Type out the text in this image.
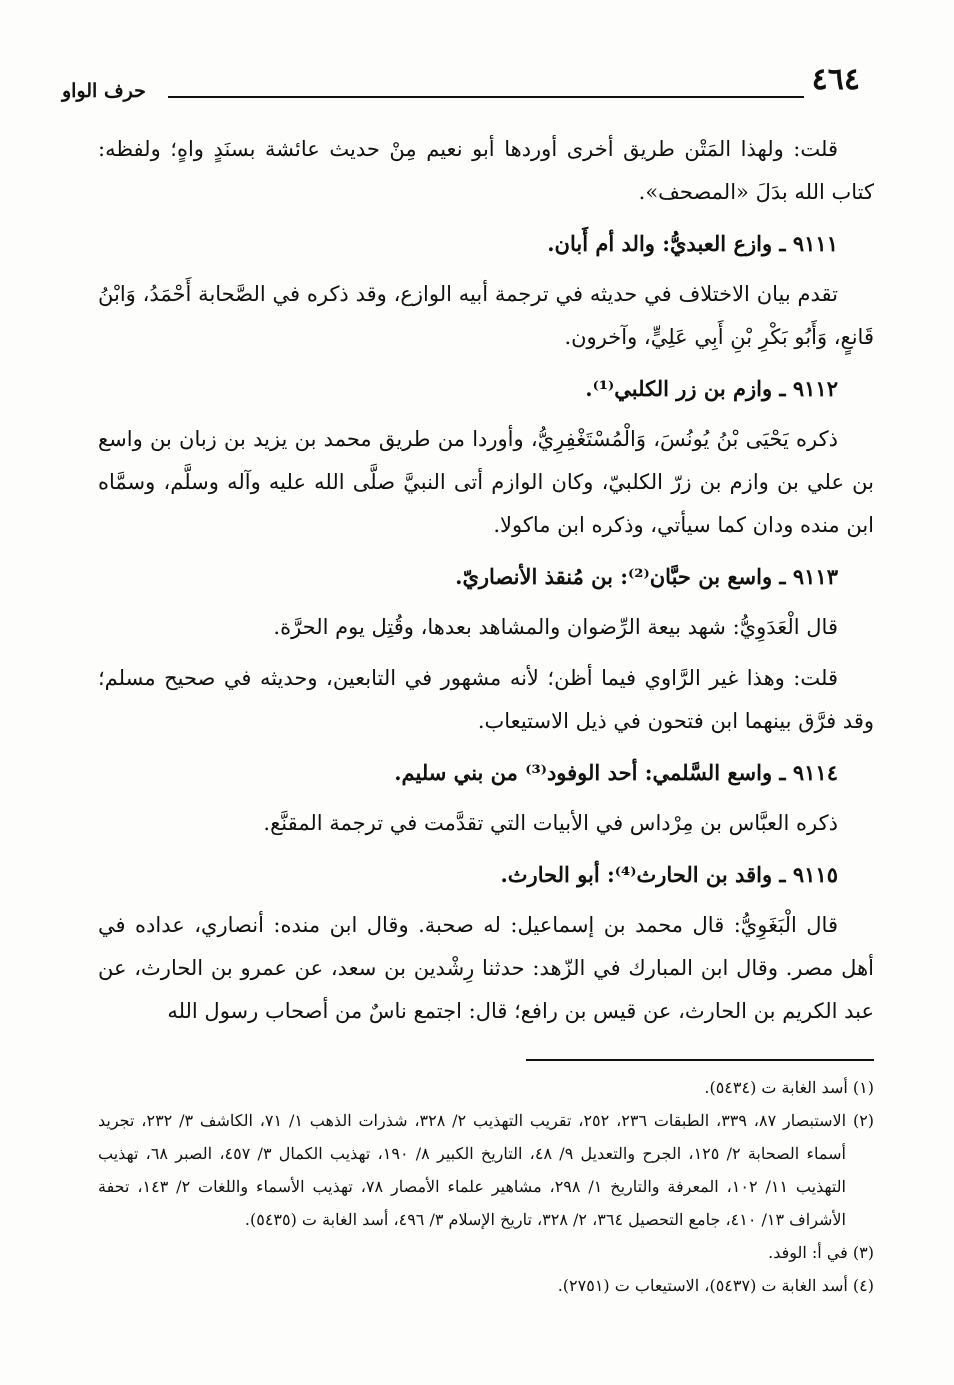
٤٦٤
حرف الواو

قلت: ولهذا المَتْن طريق أخرى أوردها أبو نعيم مِنْ حديث عائشة بسنَدٍ واهٍ؛ ولفظه: كتاب الله بدَلَ «المصحف».

٩١١١ ـ وازع العبديُّ: والد أم أَبان.

تقدم بيان الاختلاف في حديثه في ترجمة أبيه الوازع، وقد ذكره في الصَّحابة أَحْمَدُ، وَابْنُ قَانعٍ، وَأَبُو بَكْرِ بْنِ أَبِي عَلِيٍّ، وآخرون.

٩١١٢ ـ وازم بن زر الكلبي⁽¹⁾.

ذكره يَحْيَى بْنُ يُونُسَ، وَالْمُسْتَغْفِرِيُّ، وأوردا من طريق محمد بن يزيد بن زبان بن واسع بن علي بن وازم بن زرّ الكلبيّ، وكان الوازم أتى النبيَّ صلَّى الله عليه وآله وسلَّم، وسمَّاه ابن منده ودان كما سيأتي، وذكره ابن ماكولا.

٩١١٣ ـ واسع بن حبَّان⁽²⁾: بن مُنقذ الأنصاريّ.

قال الْعَدَوِيُّ: شهد بيعة الرِّضوان والمشاهد بعدها، وقُتِل يوم الحرَّة.

قلت: وهذا غير الرَّاوي فيما أظن؛ لأنه مشهور في التابعين، وحديثه في صحيح مسلم؛ وقد فرَّق بينهما ابن فتحون في ذيل الاستيعاب.

٩١١٤ ـ واسع السَّلمي: أحد الوفود⁽³⁾ من بني سليم.

ذكره العبَّاس بن مِرْداس في الأبيات التي تقدَّمت في ترجمة المقنَّع.

٩١١٥ ـ واقد بن الحارث⁽⁴⁾: أبو الحارث.

قال الْبَغَوِيُّ: قال محمد بن إسماعيل: له صحبة. وقال ابن منده: أنصاري، عداده في أهل مصر. وقال ابن المبارك في الزّهد: حدثنا رِشْدين بن سعد، عن عمرو بن الحارث، عن عبد الكريم بن الحارث، عن قيس بن رافع؛ قال: اجتمع ناسٌ من أصحاب رسول الله

(١) أسد الغابة ت (٥٤٣٤).

(٢) الاستبصار ٨٧، ٣٣٩، الطبقات ٢٣٦، ٢٥٢، تقريب التهذيب ٢/ ٣٢٨، شذرات الذهب ١/ ٧١، الكاشف ٣/ ٢٣٢، تجريد أسماء الصحابة ٢/ ١٢٥، الجرح والتعديل ٩/ ٤٨، التاريخ الكبير ٨/ ١٩٠، تهذيب الكمال ٣/ ٤٥٧، الصبر ٦٨، تهذيب التهذيب ١١/ ١٠٢، المعرفة والتاريخ ١/ ٢٩٨، مشاهير علماء الأمصار ٧٨، تهذيب الأسماء واللغات ٢/ ١٤٣، تحفة الأشراف ١٣/ ٤١٠، جامع التحصيل ٣٦٤، ٢/ ٣٢٨، تاريخ الإسلام ٣/ ٤٩٦، أسد الغابة ت (٥٤٣٥).

(٣) في أ: الوفد.

(٤) أسد الغابة ت (٥٤٣٧)، الاستيعاب ت (٢٧٥١).
